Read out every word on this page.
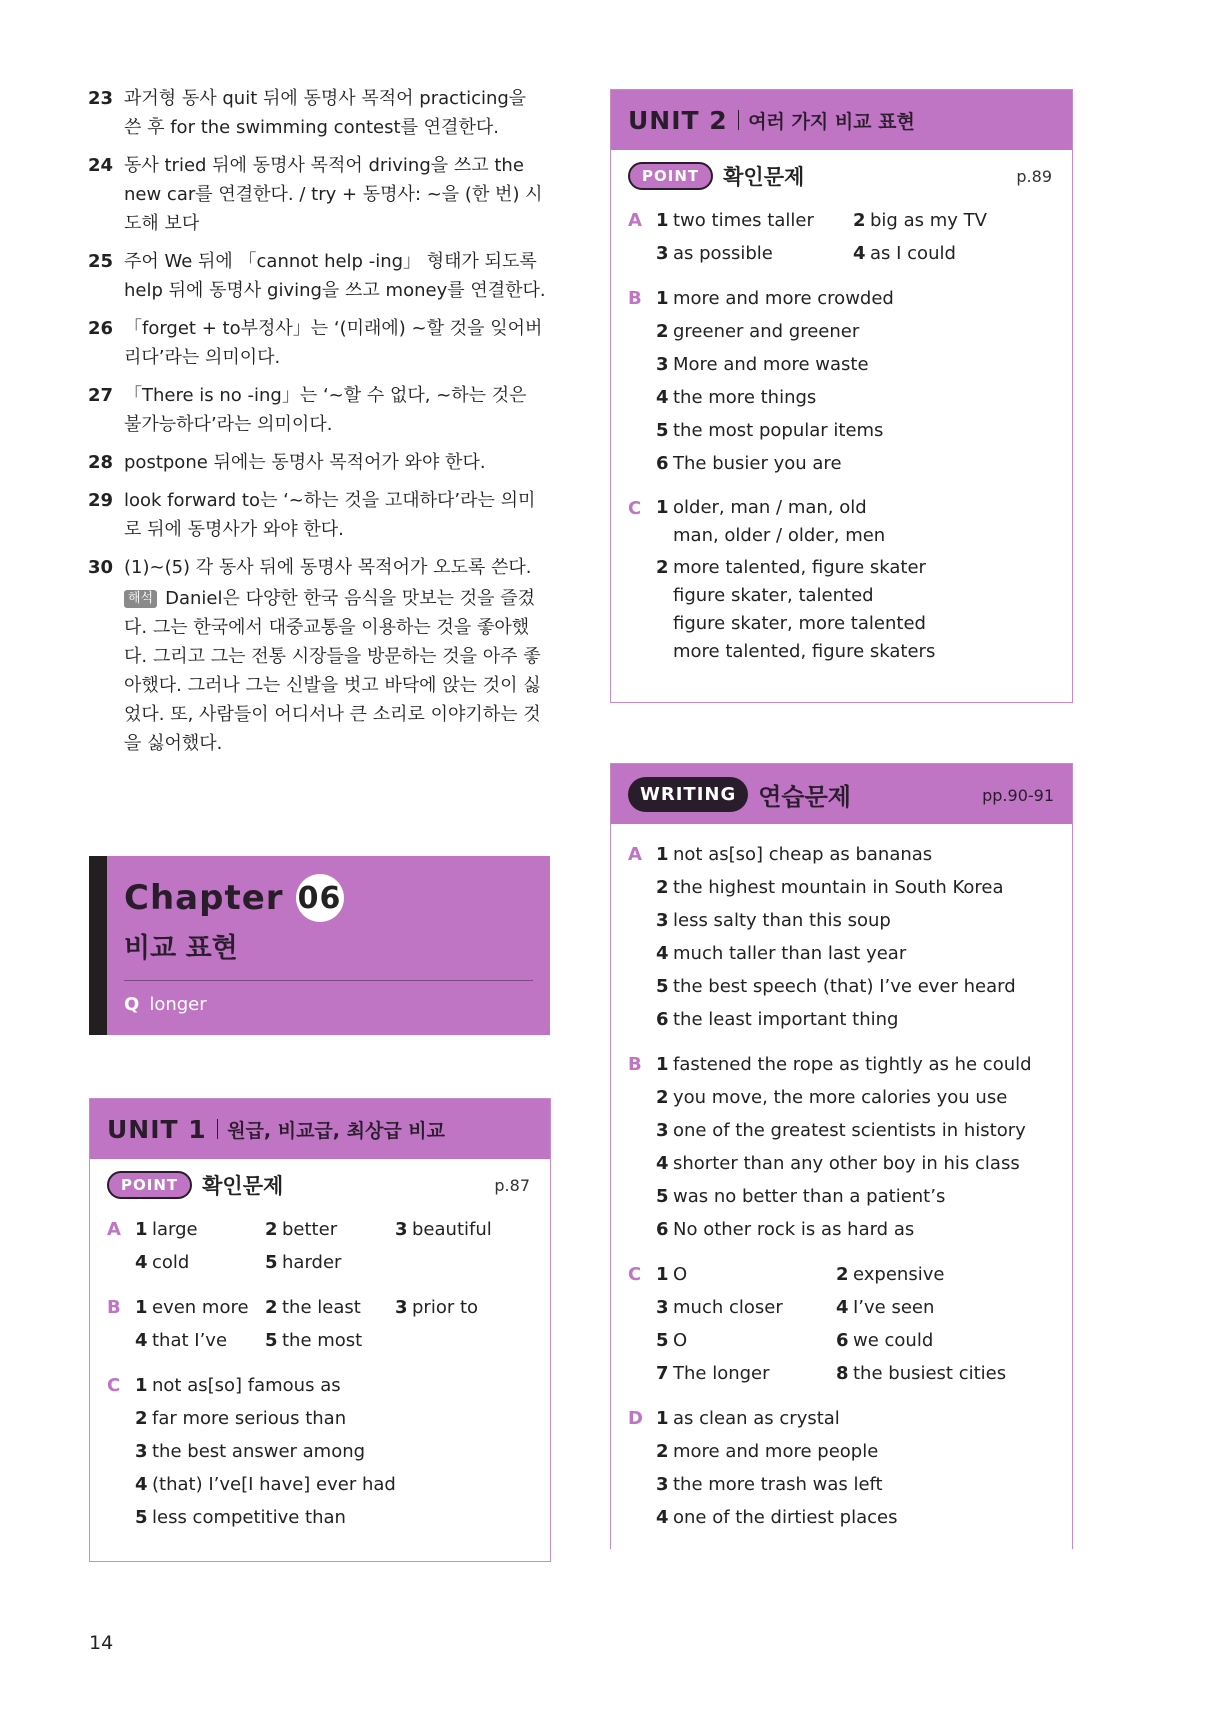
23 과거형 동사 quit 뒤에 동명사 목적어 practicing을 쓴 후 for the swimming contest를 연결한다.
24 동사 tried 뒤에 동명사 목적어 driving을 쓰고 the new car를 연결한다. / try + 동명사: ~을 (한 번) 시도해 보다
25 주어 We 뒤에 「cannot help -ing」 형태가 되도록 help 뒤에 동명사 giving을 쓰고 money를 연결한다.
26 「forget + to부정사」는 ‘(미래에) ~할 것을 잊어버리다’라는 의미이다.
27 「There is no -ing」는 ‘~할 수 없다, ~하는 것은 불가능하다’라는 의미이다.
28 postpone 뒤에는 동명사 목적어가 와야 한다.
29 look forward to는 ‘~하는 것을 고대하다’라는 의미로 뒤에 동명사가 와야 한다.
30 (1)~(5) 각 동사 뒤에 동명사 목적어가 오도록 쓴다.
해석 Daniel은 다양한 한국 음식을 맛보는 것을 즐겼다. 그는 한국에서 대중교통을 이용하는 것을 좋아했다. 그리고 그는 전통 시장들을 방문하는 것을 아주 좋아했다. 그러나 그는 신발을 벗고 바닥에 앉는 것이 싫었다. 또, 사람들이 어디서나 큰 소리로 이야기하는 것을 싫어했다.
Chapter 06
비교 표현
Q longer
UNIT 1 원급, 비교급, 최상급 비교
POINT	확인문제	p.87
A 1 large	2 better	3 beautiful
4 cold	5 harder
B 1 even more 2 the least 3 prior to
4 that I’ve 5 the most
C 1 not as[so] famous as
2 far more serious than
3 the best answer among
4 (that) I’ve[I have] ever had
5 less competitive than
UNIT 2 여러 가지 비교 표현
POINT	확인문제	p.89
A 1 two times taller 2 big as my TV
3 as possible	4 as I could
B 1 more and more crowded
2 greener and greener
3 More and more waste
4 the more things
5 the most popular items
6 The busier you are
C 1 older, man / man, old
man, older / older, men
2 more talented, figure skater
figure skater, talented
figure skater, more talented
more talented, figure skaters
WRITING 연습문제	pp.90-91
A 1 not as[so] cheap as bananas
2 the highest mountain in South Korea
3 less salty than this soup
4 much taller than last year
5 the best speech (that) I’ve ever heard
6 the least important thing
B 1 fastened the rope as tightly as he could
2 you move, the more calories you use
3 one of the greatest scientists in history
4 shorter than any other boy in his class
5 was no better than a patient’s
6 No other rock is as hard as
C 1 O	2 expensive
3 much closer	4 I’ve seen
5 O	6 we could
7 The longer	8 the busiest cities
D 1 as clean as crystal
2 more and more people
3 the more trash was left
4 one of the dirtiest places
14
